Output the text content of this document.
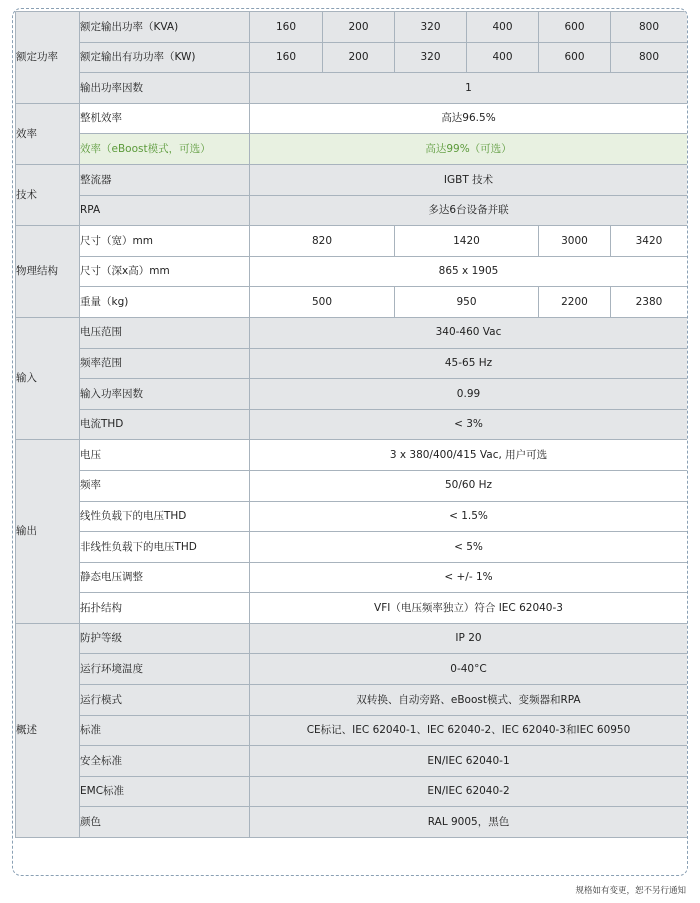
额定功率	额定输出功率（KVA)	160	200	320	400	600	800
	额定输出有功功率（KW)	160	200	320	400	600	800
	输出功率因数	1					
效率	整机效率	高达96.5%					
	效率（eBoost模式，可选）	高达99%（可选）					
技术	整流器	IGBT 技术					
	RPA	多达6台设备并联					
物理结构	尺寸（宽）mm	820		1420		3000	3420
	尺寸（深x高）mm	865 x 1905					
	重量（kg)	500		950		2200	2380
输入	电压范围	340-460 Vac					
	频率范围	45-65 Hz					
	输入功率因数	0.99					
	电流THD	< 3%					
输出	电压	3 x 380/400/415 Vac, 用户可选					
	频率	50/60 Hz					
	线性负载下的电压THD	< 1.5%					
	非线性负载下的电压THD	< 5%					
	静态电压调整	< +/- 1%					
	拓扑结构	VFI（电压频率独立）符合 IEC 62040-3					
概述	防护等级	IP 20					
	运行环境温度	0-40°C					
	运行模式	双转换、自动旁路、eBoost模式、变频器和RPA					
	标准	CE标记、IEC 62040-1、IEC 62040-2、IEC 62040-3和IEC 60950					
	安全标准	EN/IEC 62040-1					
	EMC标准	EN/IEC 62040-2					
	颜色	RAL 9005，黑色					
规格如有变更，恕不另行通知
